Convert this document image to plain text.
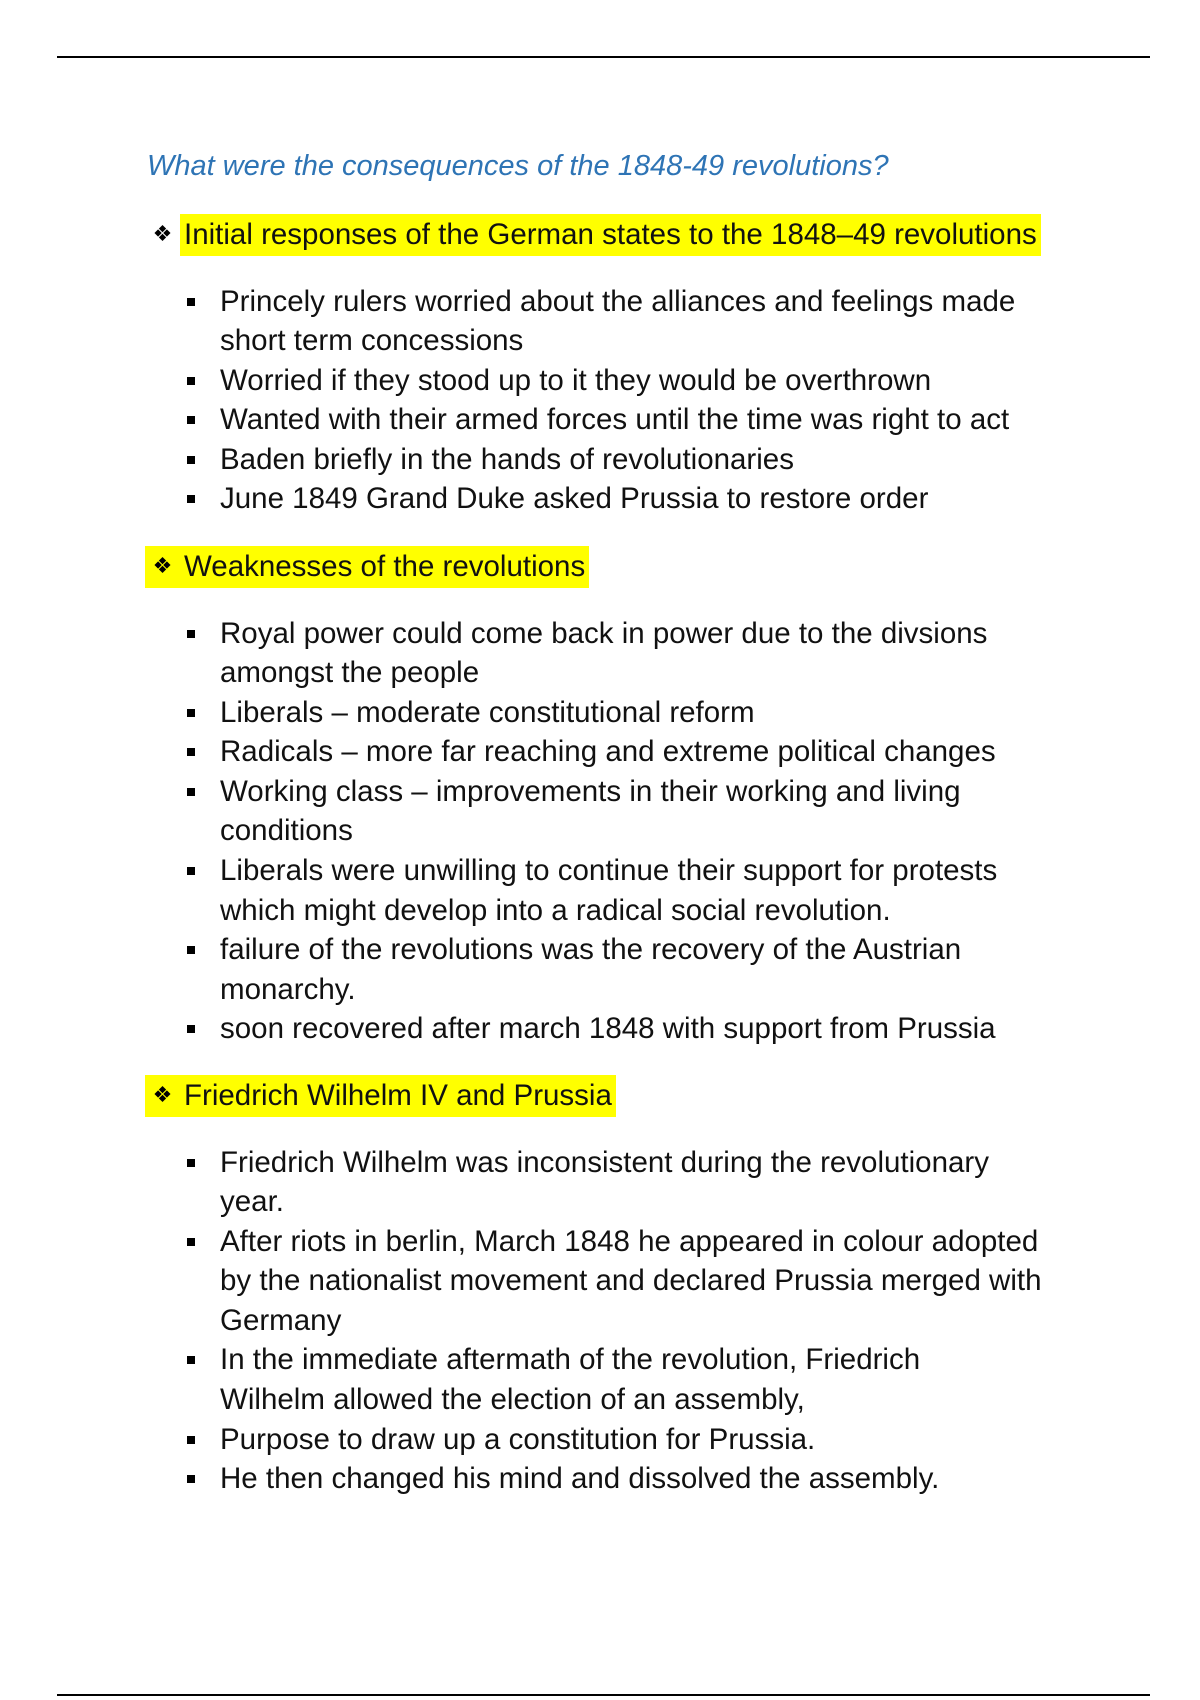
What were the consequences of the 1848-49 revolutions?
❖
Initial responses of the German states to the 1848–49 revolutions
Princely rulers worried about the alliances and feelings made
short term concessions
Worried if they stood up to it they would be overthrown
Wanted with their armed forces until the time was right to act
Baden briefly in the hands of revolutionaries
June 1849 Grand Duke asked Prussia to restore order
❖
Weaknesses of the revolutions
Royal power could come back in power due to the divsions
amongst the people
Liberals – moderate constitutional reform
Radicals – more far reaching and extreme political changes
Working class – improvements in their working and living
conditions
Liberals were unwilling to continue their support for protests
which might develop into a radical social revolution.
failure of the revolutions was the recovery of the Austrian
monarchy.
soon recovered after march 1848 with support from Prussia
❖
Friedrich Wilhelm IV and Prussia
Friedrich Wilhelm was inconsistent during the revolutionary
year.
After riots in berlin, March 1848 he appeared in colour adopted
by the nationalist movement and declared Prussia merged with
Germany
In the immediate aftermath of the revolution, Friedrich
Wilhelm allowed the election of an assembly,
Purpose to draw up a constitution for Prussia.
He then changed his mind and dissolved the assembly.
